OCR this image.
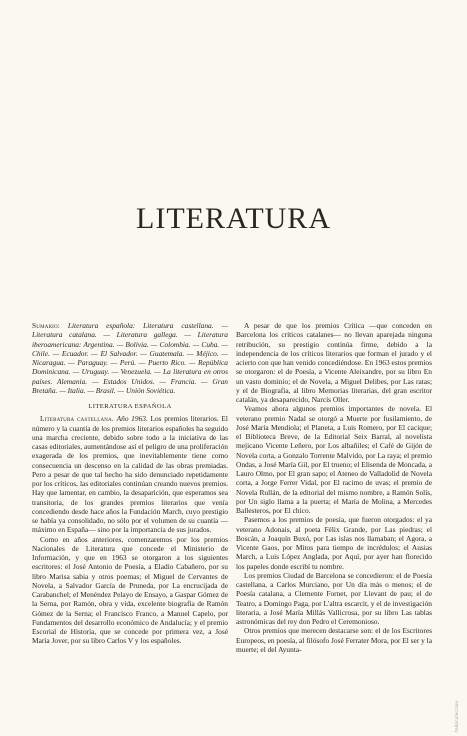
LITERATURA

Sumario: Literatura española: Literatura castellana. — Literatura catalana. — Literatura gallega. — Literatura iberoamericana: Argentina. — Bolivia. — Colombia. — Cuba. — Chile. — Ecuador. — El Salvador. — Guatemala. — Méjico. — Nicaragua. — Paraguay. — Perú. — Puerto Rico. — República Dominicana. — Uruguay. — Venezuela. — La literatura en otros países. Alemania. — Estados Unidos. — Francia. — Gran Bretaña. — Italia. — Brasil. — Unión Soviética.

LITERATURA ESPAÑOLA

Literatura castellana. Año 1963. Los premios literarios. El número y la cuantía de los premios literarios españoles ha seguido una marcha creciente, debido sobre todo a la iniciativa de las casas editoriales, aumentándose así el peligro de una proliferación exagerada de los premios, que inevitablemente tiene como consecuencia un descenso en la calidad de las obras premiadas. Pero a pesar de que tal hecho ha sido denunciado repetidamente por los críticos, las editoriales continúan creando nuevos premios. Hay que lamentar, en cambio, la desaparición, que esperamos sea transitoria, de los grandes premios literarios que venía concediendo desde hace años la Fundación March, cuyo prestigio se había ya consolidado, no sólo por el volumen de su cuantía —máximo en España— sino por la importancia de sus jurados.

Como en años anteriores, comenzaremos por los premios Nacionales de Literatura que concede el Ministerio de Información, y que en 1963 se otorgaron a los siguientes escritores: el José Antonio de Poesía, a Eladio Cabañero, por su libro Marisa sabia y otros poemas; el Miguel de Cervantes de Novela, a Salvador García de Pruneda, por La encrucijada de Carabanchel; el Menéndez Pelayo de Ensayo, a Gaspar Gómez de la Serna, por Ramón, obra y vida, excelente biografía de Ramón Gómez de la Serna; el Francisco Franco, a Manuel Capelo, por Fundamentos del desarrollo económico de Andalucía; y el premio Escorial de Historia, que se concede por primera vez, a José María Jover, por su libro Carlos V y los españoles.

A pesar de que los premios Crítica —que conceden en Barcelona los críticos catalanes— no llevan aparejada ninguna retribución, su prestigio continúa firme, debido a la independencia de los críticos literarios que forman el jurado y el acierto con que han venido concediéndose. En 1963 estos premios se otorgaron: el de Poesía, a Vicente Aleixandre, por su libro En un vasto dominio; el de Novela, a Miguel Delibes, por Las ratas; y el de Biografía, al libro Memorias literarias, del gran escritor catalán, ya desaparecido, Narcís Oller.

Veamos ahora algunos premios importantes de novela. El veterano premio Nadal se otorgó a Muerte por fusilamiento, de José María Mendiola; el Planeta, a Luis Romero, por El cacique; el Biblioteca Breve, de la Editorial Seix Barral, al novelista mejicano Vicente Leñero, por Los albañiles; el Café de Gijón de Novela corta, a Gonzalo Torrente Malvido, por La raya; el premio Ondas, a José María Gil, por El trueno; el Elisenda de Moncada, a Lauro Olmo, por El gran sapo; el Ateneo de Valladolid de Novela corta, a Jorge Ferrer Vidal, por El racimo de uvas; el premio de Novela Rullán, de la editorial del mismo nombre, a Ramón Solís, por Un siglo llama a la puerta; el María de Molina, a Mercedes Ballesteros, por El chico.

Pasemos a los premios de poesía, que fueron otorgados: el ya veterano Adonais, al poeta Félix Grande, por Las piedras; el Boscán, a Joaquín Buxó, por Las islas nos llamaban; el Agora, a Vicente Gaos, por Mitos para tiempo de incrédulos; el Ausias March, a Luis López Anglada, por Aquí, por ayer han florecido los papeles donde escribí tu nombre.

Los premios Ciudad de Barcelona se concedieron: el de Poesía castellana, a Carlos Murciano, por Un día más o menos; el de Poesía catalana, a Clemente Fornet, por Llevant de pau; el de Teatro, a Domingo Paga, por L'altra escarcit, y el de investigación literaria, a José María Millás Vallicrosa, por su libro Las tablas astronómicas del rey don Pedro el Ceremonioso.

Otros premios que merecen destacarse son: el de los Escritores Europeos, en poesía, al filósofo José Ferrater Mora, por El ser y la muerte; el del Ayunta-

todocoleccion
